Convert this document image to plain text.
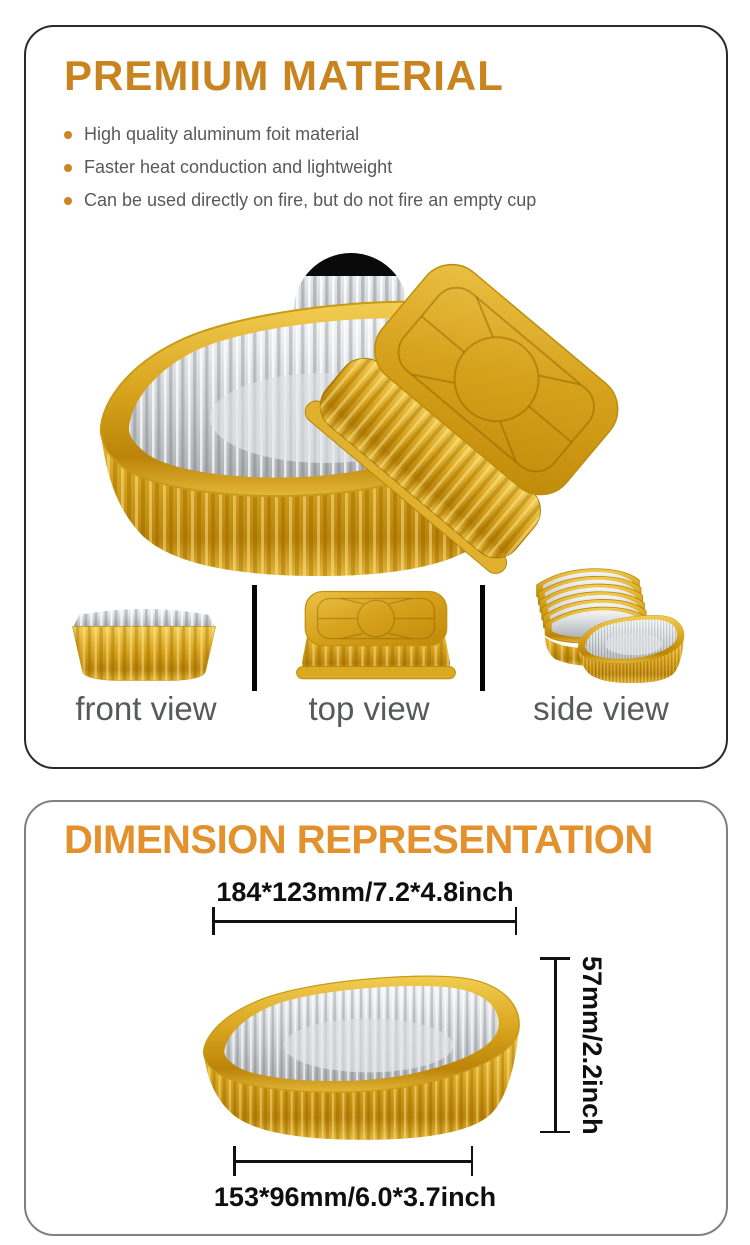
PREMIUM MATERIAL
High quality aluminum foit material
Faster heat conduction and lightweight
Can be used directly on fire, but do not fire an empty cup
front view	top view	side view
DIMENSION REPRESENTATION
184*123mm/7.2*4.8inch
57mm/2.2inch
153*96mm/6.0*3.7inch
